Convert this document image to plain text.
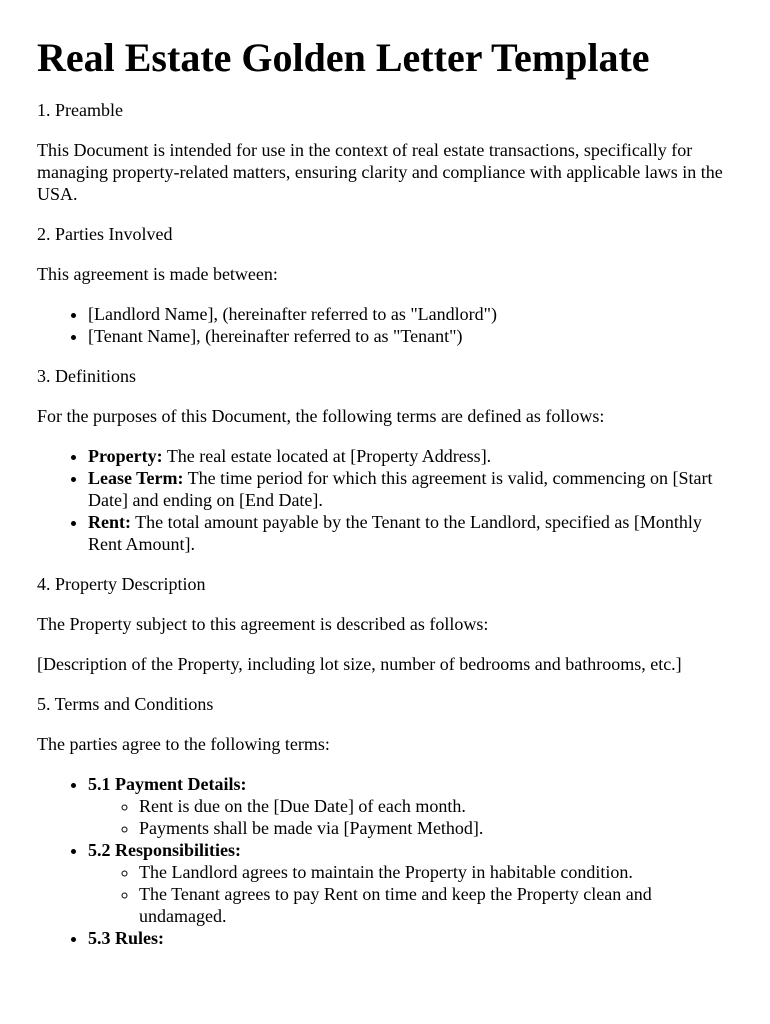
Real Estate Golden Letter Template
1. Preamble

This Document is intended for use in the context of real estate transactions, specifically for managing property-related matters, ensuring clarity and compliance with applicable laws in the USA.

2. Parties Involved

This agreement is made between:

• [Landlord Name], (hereinafter referred to as "Landlord")
• [Tenant Name], (hereinafter referred to as "Tenant")
3. Definitions

For the purposes of this Document, the following terms are defined as follows:

• Property: The real estate located at [Property Address].
• Lease Term: The time period for which this agreement is valid, commencing on [Start Date] and ending on [End Date].
• Rent: The total amount payable by the Tenant to the Landlord, specified as [Monthly Rent Amount].
4. Property Description

The Property subject to this agreement is described as follows:

[Description of the Property, including lot size, number of bedrooms and bathrooms, etc.]

5. Terms and Conditions

The parties agree to the following terms:

• 5.1 Payment Details:
◦ Rent is due on the [Due Date] of each month.
◦ Payments shall be made via [Payment Method].
• 5.2 Responsibilities:
◦ The Landlord agrees to maintain the Property in habitable condition.
◦ The Tenant agrees to pay Rent on time and keep the Property clean and undamaged.
• 5.3 Rules:
